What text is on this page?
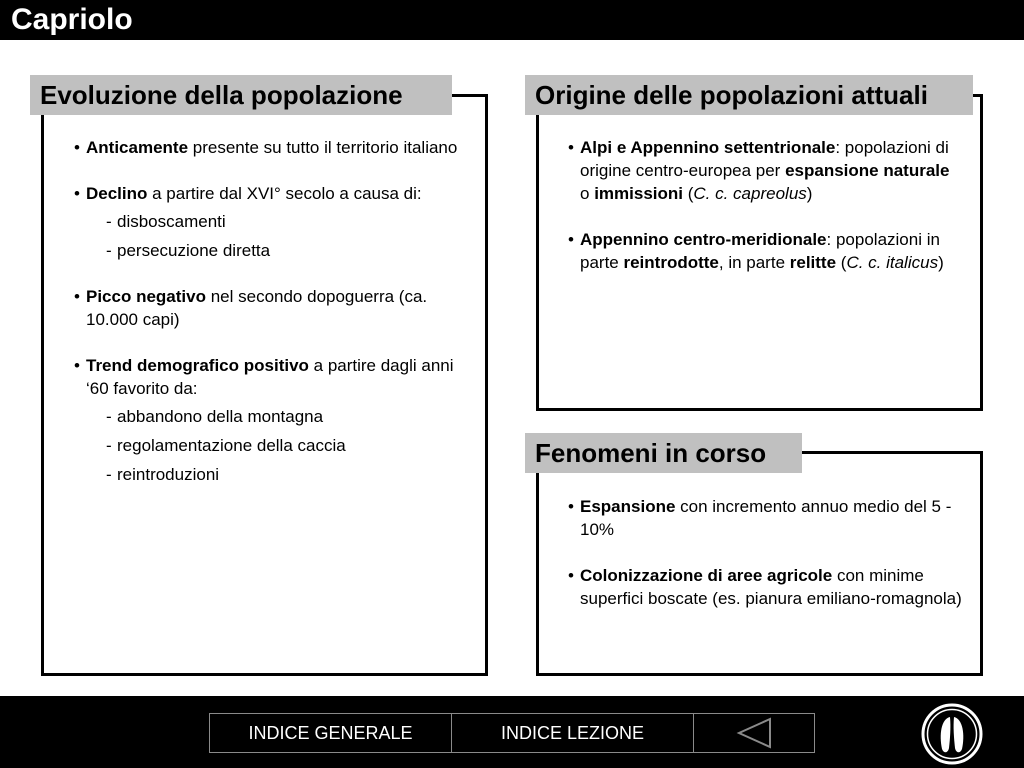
Capriolo
Evoluzione della popolazione
• Anticamente presente su tutto il territorio italiano
• Declino a partire dal XVI° secolo a causa di:
- disboscamenti
- persecuzione diretta
• Picco negativo nel secondo dopoguerra (ca. 10.000 capi)
• Trend demografico positivo a partire dagli anni ‘60 favorito da:
- abbandono della montagna
- regolamentazione della caccia
- reintroduzioni
Origine delle popolazioni attuali
• Alpi e Appennino settentrionale: popolazioni di origine centro-europea per espansione naturale o immissioni (C. c. capreolus)
• Appennino centro-meridionale: popolazioni in parte reintrodotte, in parte relitte (C. c. italicus)
Fenomeni in corso
• Espansione con incremento annuo medio del 5 - 10%
• Colonizzazione di aree agricole con minime superfici boscate (es. pianura emiliano-romagnola)
INDICE GENERALE	INDICE LEZIONE
